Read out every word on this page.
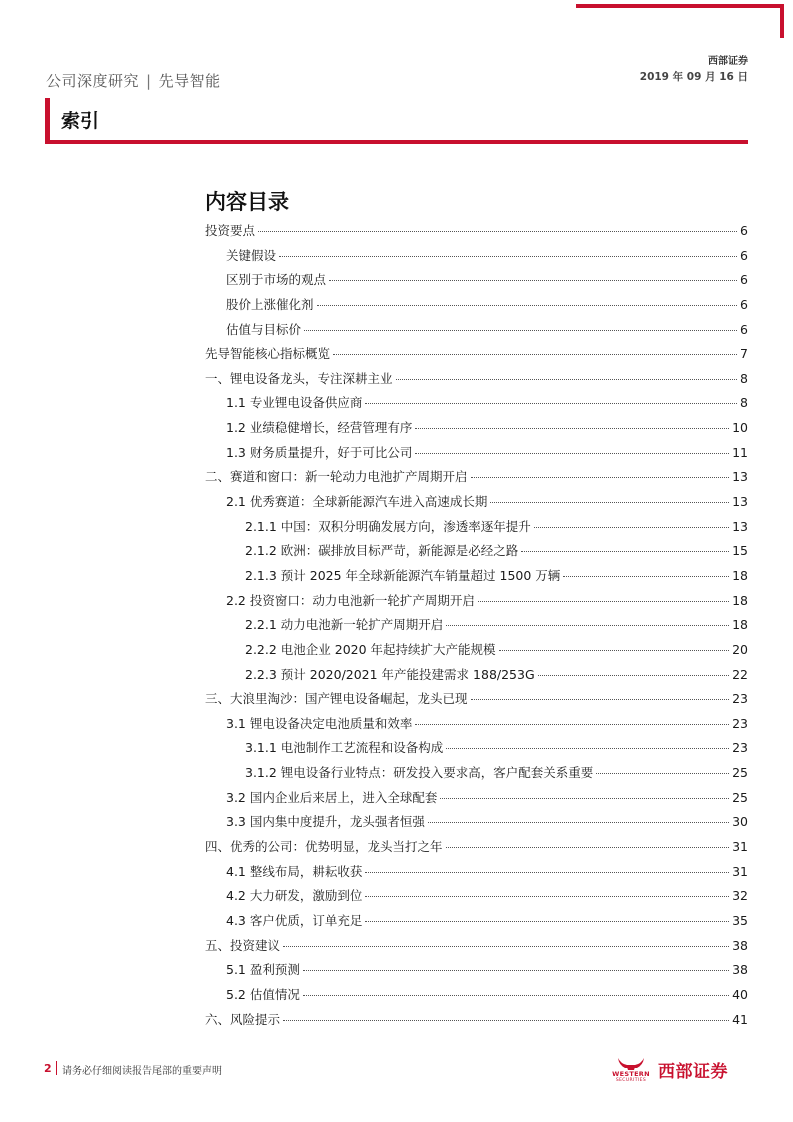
公司深度研究 | 先导智能
西部证券
2019 年 09 月 16 日
索引
内容目录
投资要点	6
关键假设	6
区别于市场的观点	6
股价上涨催化剂	6
估值与目标价	6
先导智能核心指标概览	7
一、锂电设备龙头，专注深耕主业	8
1.1 专业锂电设备供应商	8
1.2 业绩稳健增长，经营管理有序	10
1.3 财务质量提升，好于可比公司	11
二、赛道和窗口：新一轮动力电池扩产周期开启	13
2.1 优秀赛道：全球新能源汽车进入高速成长期	13
2.1.1 中国：双积分明确发展方向，渗透率逐年提升	13
2.1.2 欧洲：碳排放目标严苛，新能源是必经之路	15
2.1.3 预计 2025 年全球新能源汽车销量超过 1500 万辆	18
2.2 投资窗口：动力电池新一轮扩产周期开启	18
2.2.1 动力电池新一轮扩产周期开启	18
2.2.2 电池企业 2020 年起持续扩大产能规模	20
2.2.3 预计 2020/2021 年产能投建需求 188/253G	22
三、大浪里淘沙：国产锂电设备崛起，龙头已现	23
3.1 锂电设备决定电池质量和效率	23
3.1.1 电池制作工艺流程和设备构成	23
3.1.2 锂电设备行业特点：研发投入要求高，客户配套关系重要	25
3.2 国内企业后来居上，进入全球配套	25
3.3 国内集中度提升，龙头强者恒强	30
四、优秀的公司：优势明显，龙头当打之年	31
4.1 整线布局，耕耘收获	31
4.2 大力研发，激励到位	32
4.3 客户优质，订单充足	35
五、投资建议	38
5.1 盈利预测	38
5.2 估值情况	40
六、风险提示	41
2 请务必仔细阅读报告尾部的重要声明	WESTERN
SECURITIES 西部证券
